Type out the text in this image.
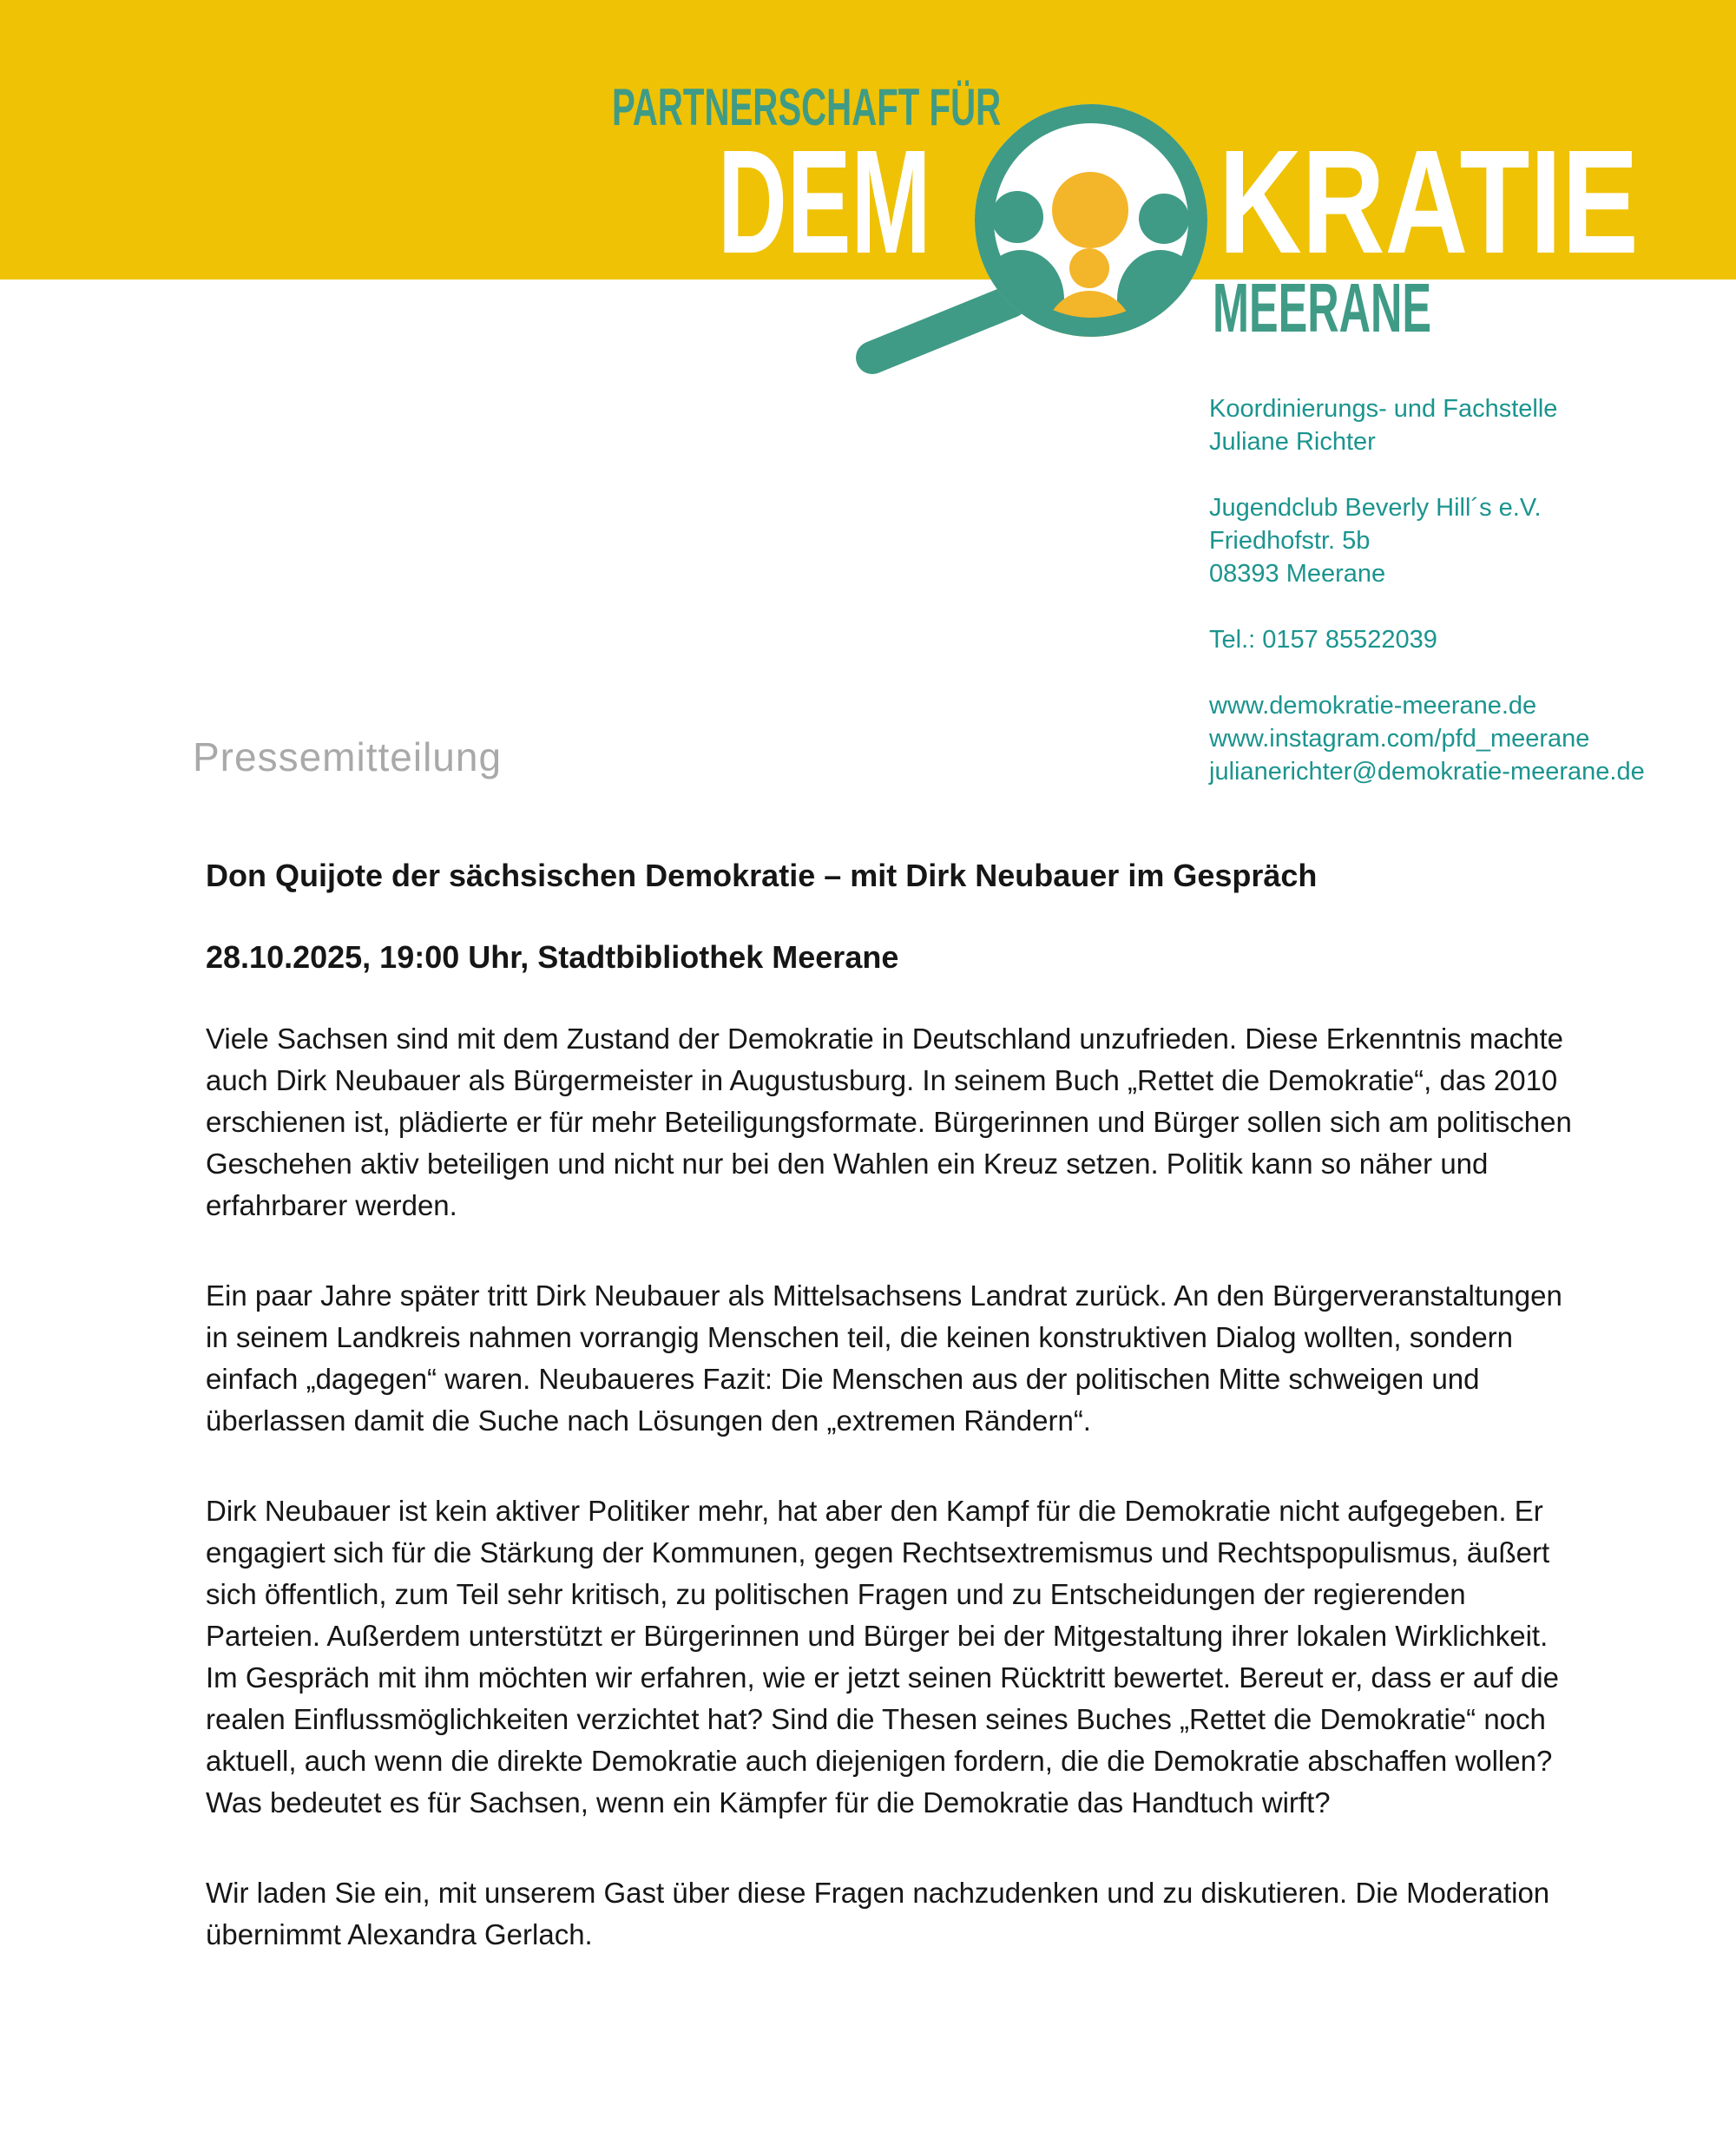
PARTNERSCHAFT FÜR
DEM	KRATIE
MEERANE
Koordinierungs- und Fachstelle
Juliane Richter
Jugendclub Beverly Hill´s e.V.
Friedhofstr. 5b
08393 Meerane
Tel.: 0157 85522039
www.demokratie-meerane.de
www.instagram.com/pfd_meerane
julianerichter@demokratie-meerane.de
Pressemitteilung
Don Quijote der sächsischen Demokratie – mit Dirk Neubauer im Gespräch
28.10.2025, 19:00 Uhr, Stadtbibliothek Meerane
Viele Sachsen sind mit dem Zustand der Demokratie in Deutschland unzufrieden. Diese Erkenntnis machte auch Dirk Neubauer als Bürgermeister in Augustusburg. In seinem Buch „Rettet die Demokratie“, das 2010 erschienen ist, plädierte er für mehr Beteiligungsformate. Bürgerinnen und Bürger sollen sich am politischen Geschehen aktiv beteiligen und nicht nur bei den Wahlen ein Kreuz setzen. Politik kann so näher und erfahrbarer werden.
Ein paar Jahre später tritt Dirk Neubauer als Mittelsachsens Landrat zurück. An den Bürgerveranstaltungen in seinem Landkreis nahmen vorrangig Menschen teil, die keinen konstruktiven Dialog wollten, sondern einfach „dagegen“ waren. Neubaueres Fazit: Die Menschen aus der politischen Mitte schweigen und überlassen damit die Suche nach Lösungen den „extremen Rändern“.
Dirk Neubauer ist kein aktiver Politiker mehr, hat aber den Kampf für die Demokratie nicht aufgegeben. Er engagiert sich für die Stärkung der Kommunen, gegen Rechtsextremismus und Rechtspopulismus, äußert sich öffentlich, zum Teil sehr kritisch, zu politischen Fragen und zu Entscheidungen der regierenden Parteien. Außerdem unterstützt er Bürgerinnen und Bürger bei der Mitgestaltung ihrer lokalen Wirklichkeit. Im Gespräch mit ihm möchten wir erfahren, wie er jetzt seinen Rücktritt bewertet. Bereut er, dass er auf die realen Einflussmöglichkeiten verzichtet hat? Sind die Thesen seines Buches „Rettet die Demokratie“ noch aktuell, auch wenn die direkte Demokratie auch diejenigen fordern, die die Demokratie abschaffen wollen? Was bedeutet es für Sachsen, wenn ein Kämpfer für die Demokratie das Handtuch wirft?
Wir laden Sie ein, mit unserem Gast über diese Fragen nachzudenken und zu diskutieren. Die Moderation übernimmt Alexandra Gerlach.
